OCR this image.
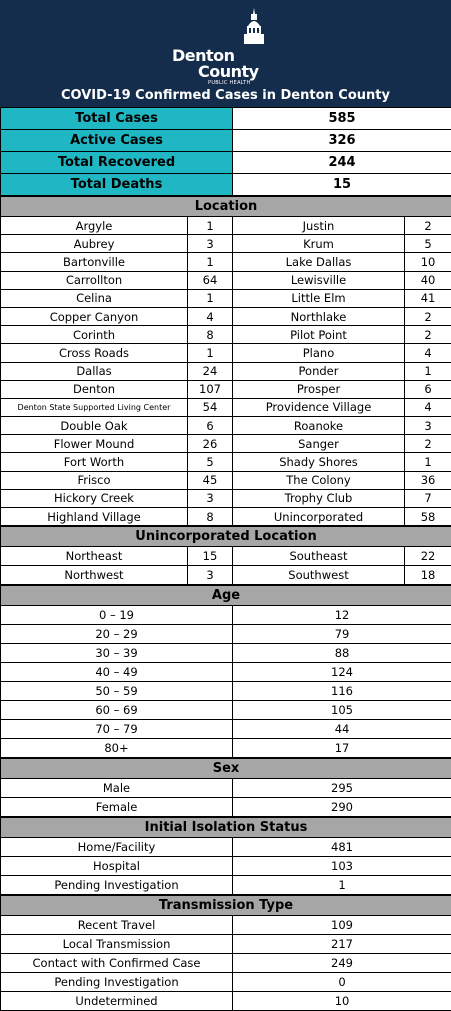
Denton
County
PUBLIC HEALTH
COVID-19 Confirmed Cases in Denton County
Total Cases		585	
Active Cases		326	
Total Recovered		244	
Total Deaths		15	
Location			
Argyle	1	Justin	2
Aubrey	3	Krum	5
Bartonville	1	Lake Dallas	10
Carrollton	64	Lewisville	40
Celina	1	Little Elm	41
Copper Canyon	4	Northlake	2
Corinth	8	Pilot Point	2
Cross Roads	1	Plano	4
Dallas	24	Ponder	1
Denton	107	Prosper	6
Denton State Supported Living Center	54	Providence Village	4
Double Oak	6	Roanoke	3
Flower Mound	26	Sanger	2
Fort Worth	5	Shady Shores	1
Frisco	45	The Colony	36
Hickory Creek	3	Trophy Club	7
Highland Village	8	Unincorporated	58
Unincorporated Location			
Northeast	15	Southeast	22
Northwest	3	Southwest	18
Age			
0 – 19		12	
20 – 29		79	
30 – 39		88	
40 – 49		124	
50 – 59		116	
60 – 69		105	
70 – 79		44	
80+		17	
Sex			
Male		295	
Female		290	
Initial Isolation Status			
Home/Facility		481	
Hospital		103	
Pending Investigation		1	
Transmission Type			
Recent Travel		109	
Local Transmission		217	
Contact with Confirmed Case		249	
Pending Investigation		0	
Undetermined		10	
